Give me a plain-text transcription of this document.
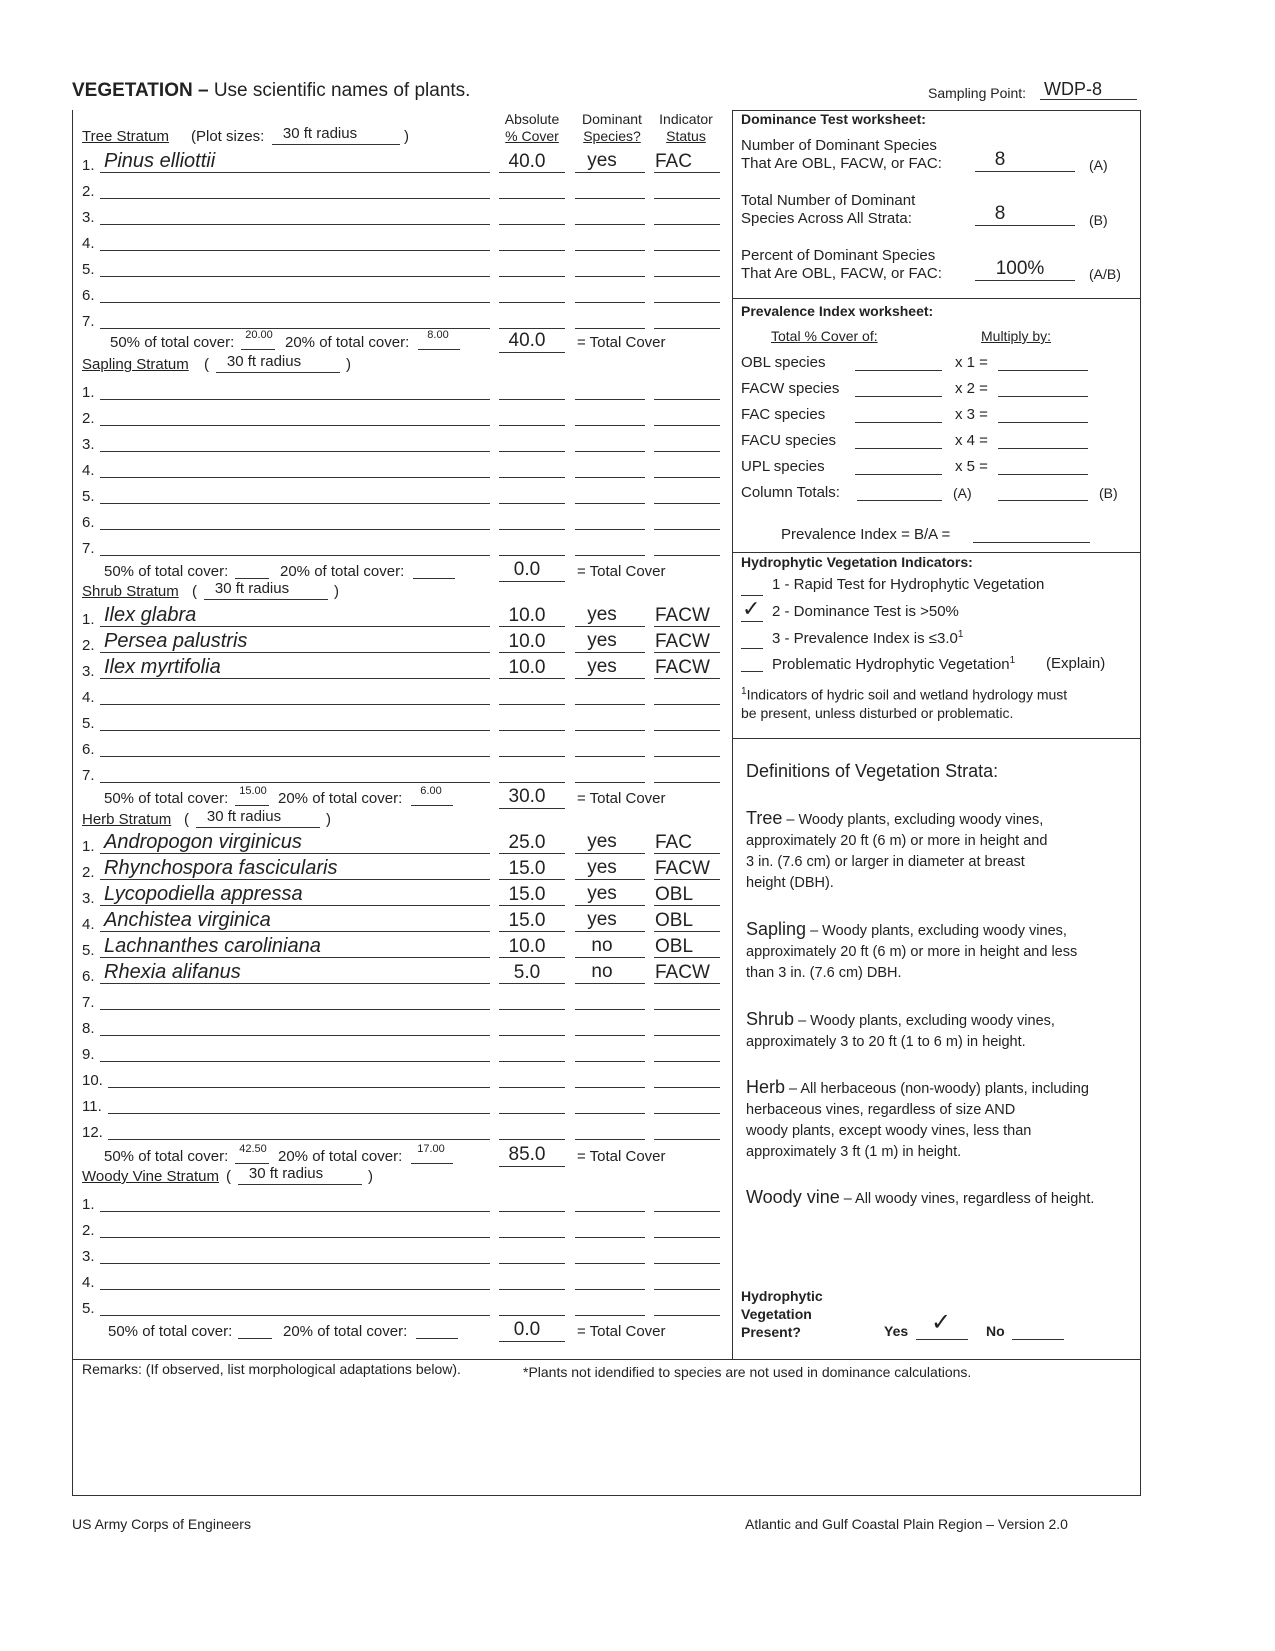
VEGETATION – Use scientific names of plants.	Sampling Point: WDP-8
Absolute
% Cover
Dominant
Species?
Indicator
Status
Tree Stratum (Plot sizes:	30 ft radius	)
1. Pinus elliottii	40.0	yes	FAC
2.
3.
4.
5.
6.
7.
50% of total cover:	20.00 20% of total cover:	8.00	40.0	= Total Cover
Sapling Stratum (	30 ft radius	)
1.
2.
3.
4.
5.
6.
7.
50% of total cover:	20% of total cover:	0.0	= Total Cover
Shrub Stratum (	30 ft radius	)
1. Ilex glabra	10.0	yes	FACW
2. Persea palustris	10.0	yes	FACW
3. Ilex myrtifolia	10.0	yes	FACW
4.
5.
6.
7.
50% of total cover:	15.00 20% of total cover:	6.00	30.0	= Total Cover
Herb Stratum (	30 ft radius	)
1. Andropogon virginicus	25.0	yes	FAC
2. Rhynchospora fascicularis	15.0	yes	FACW
3. Lycopodiella appressa	15.0	yes	OBL
4. Anchistea virginica	15.0	yes	OBL
5. Lachnanthes caroliniana	10.0	no	OBL
6. Rhexia alifanus	5.0	no	FACW
7.
8.
9.
10.
11.
12.
50% of total cover:	42.50 20% of total cover:	17.00	85.0	= Total Cover
Woody Vine Stratum (	30 ft radius	)
1.
2.
3.
4.
5.
50% of total cover:	20% of total cover:	0.0	= Total Cover
Dominance Test worksheet:
Number of Dominant Species
That Are OBL, FACW, or FAC:	8	(A)
Total Number of Dominant
Species Across All Strata:	8	(B)
Percent of Dominant Species
That Are OBL, FACW, or FAC:	100%	(A/B)
Prevalence Index worksheet:
Total % Cover of:	Multiply by:
OBL species	x 1 =
FACW species	x 2 =
FAC species	x 3 =
FACU species	x 4 =
UPL species	x 5 =
Column Totals:	(A)	(B)
Prevalence Index = B/A =
Hydrophytic Vegetation Indicators:
1 - Rapid Test for Hydrophytic Vegetation
✓ 2 - Dominance Test is >50%
3 - Prevalence Index is $\le 3.0^1$
Problematic Hydrophytic Vegetation$^1$ (Explain)
$^1$Indicators of hydric soil and wetland hydrology must
be present, unless disturbed or problematic.
Definitions of Vegetation Strata:
Tree – Woody plants, excluding woody vines,
approximately 20 ft (6 m) or more in height and
3 in. (7.6 cm) or larger in diameter at breast
height (DBH).
Sapling – Woody plants, excluding woody vines,
approximately 20 ft (6 m) or more in height and less
than 3 in. (7.6 cm) DBH.
Shrub – Woody plants, excluding woody vines,
approximately 3 to 20 ft (1 to 6 m) in height.
Herb – All herbaceous (non-woody) plants, including
herbaceous vines, regardless of size AND
woody plants, except woody vines, less than
approximately 3 ft (1 m) in height.
Woody vine – All woody vines, regardless of height.
Hydrophytic
Vegetation
Present?	Yes ✓ No
Remarks: (If observed, list morphological adaptations below).	*Plants not idendified to species are not used in dominance calculations.
US Army Corps of Engineers	Atlantic and Gulf Coastal Plain Region – Version 2.0
